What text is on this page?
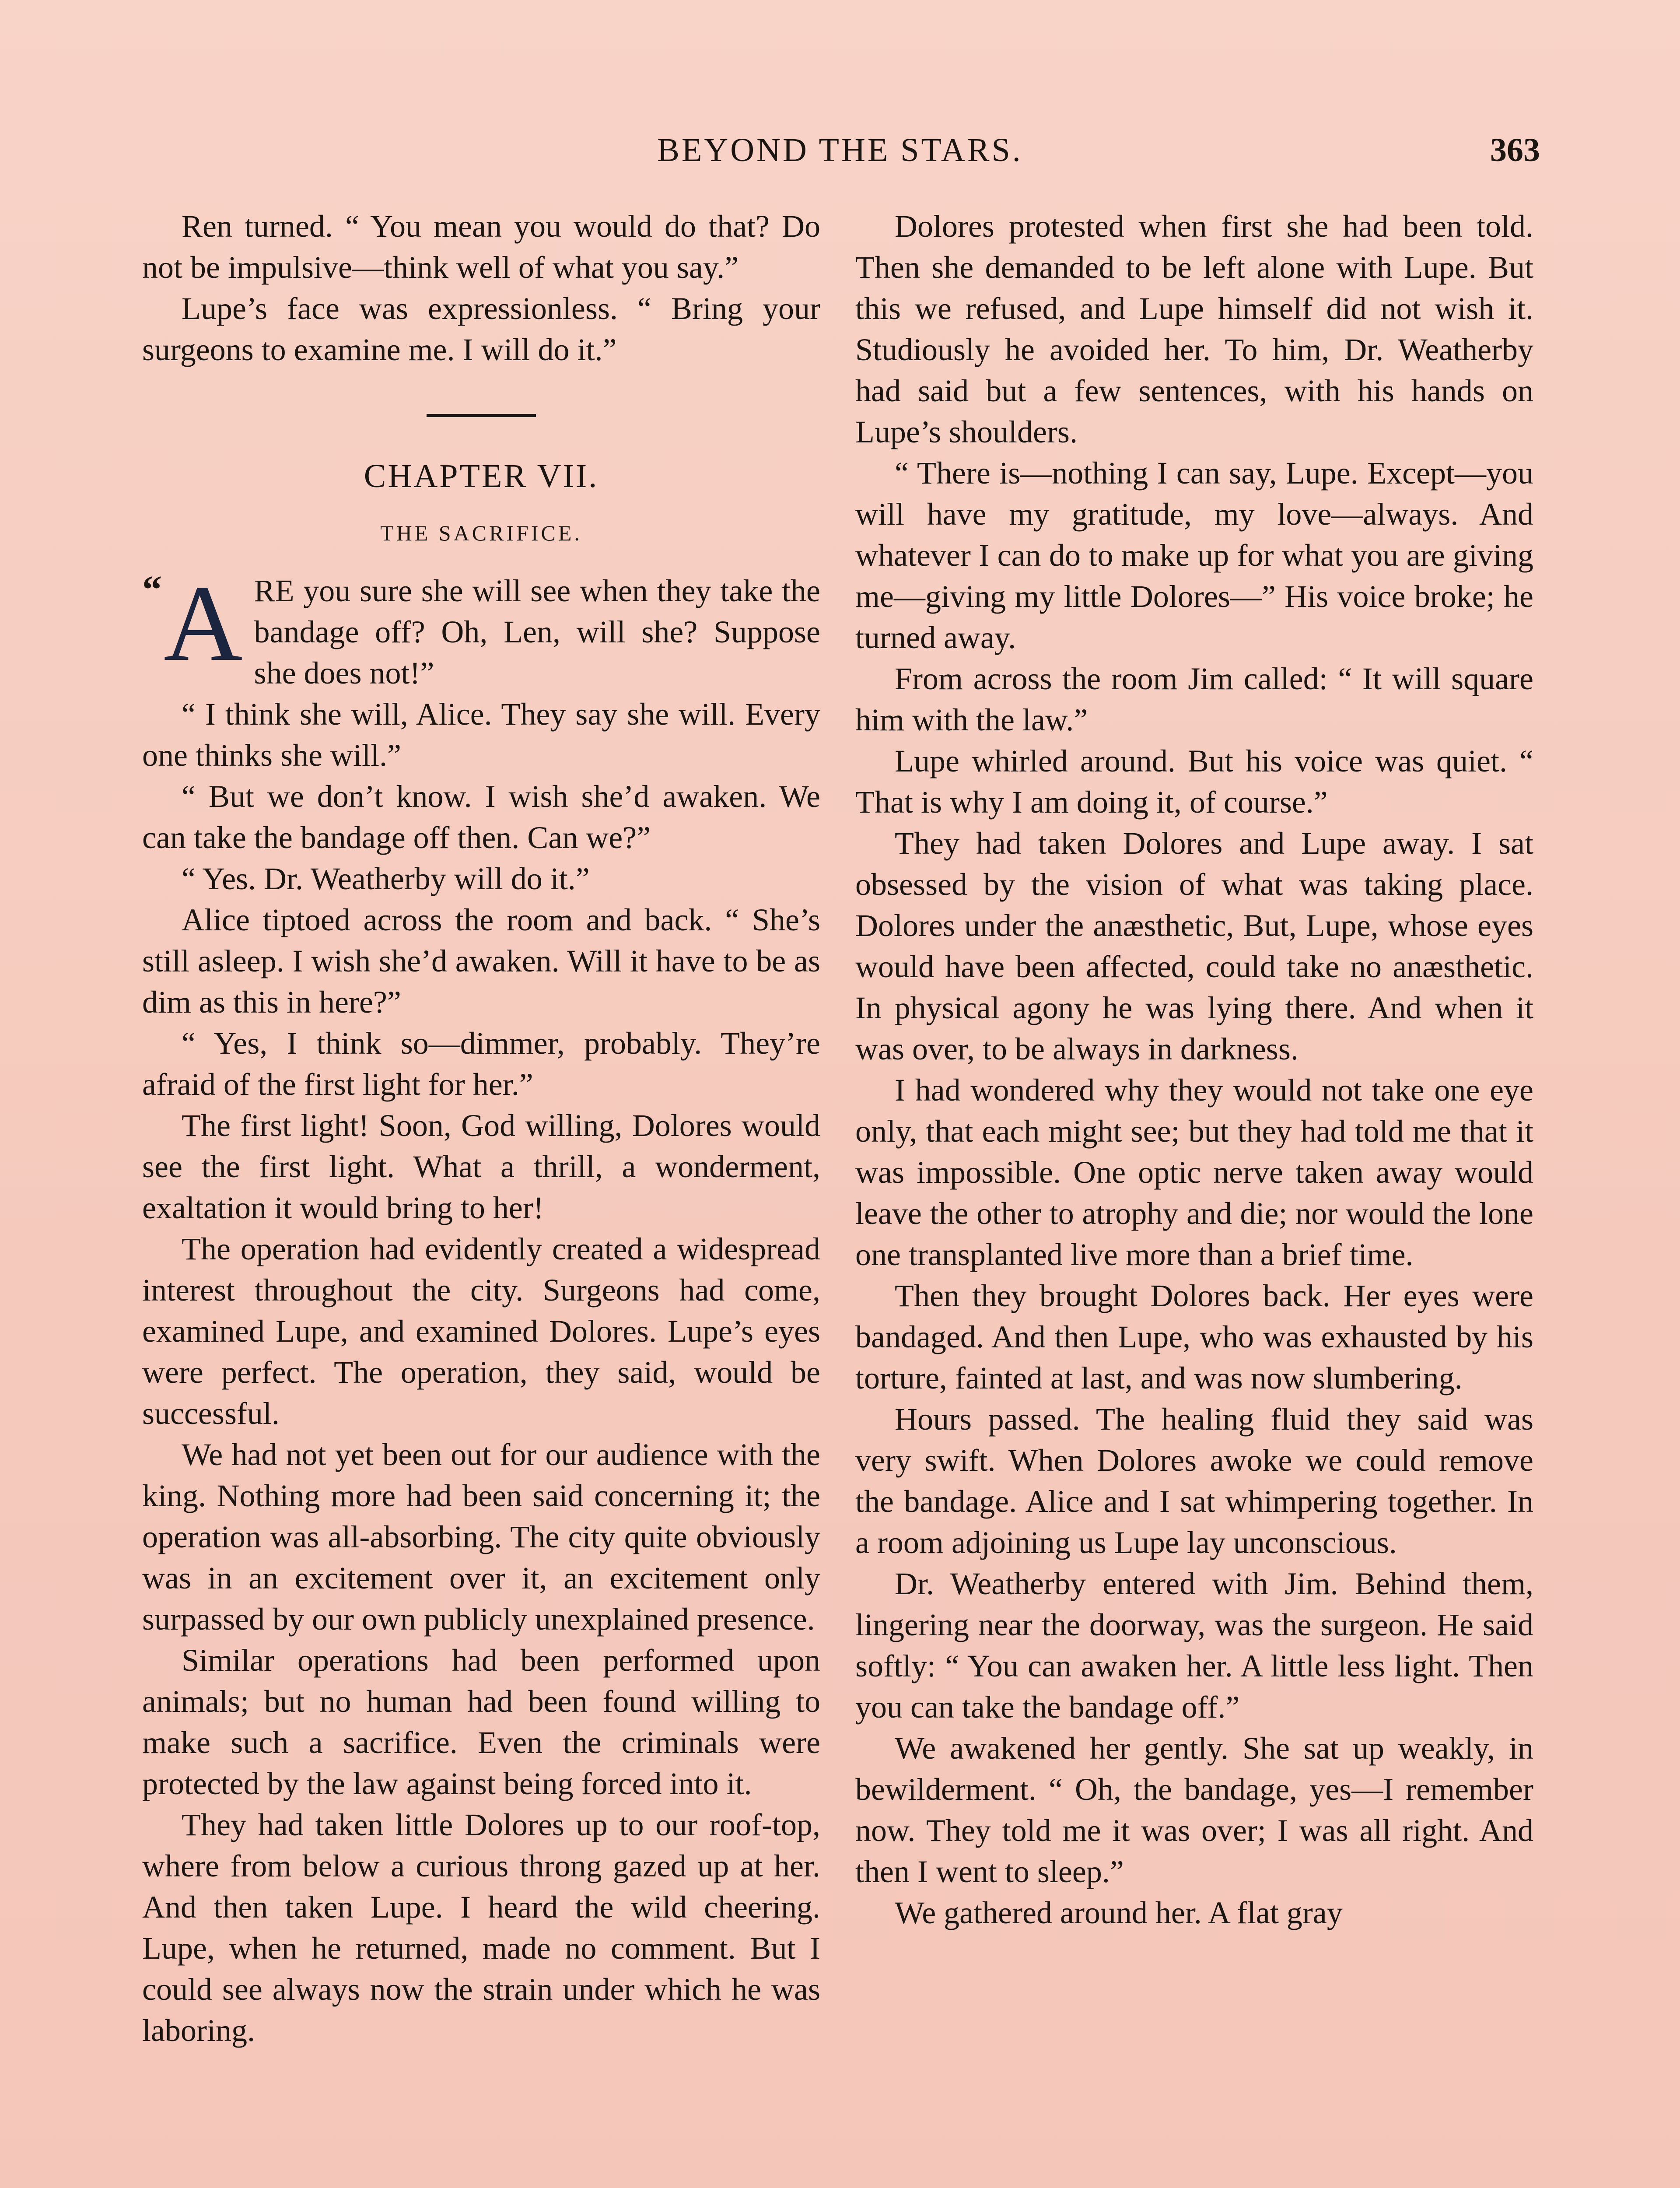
BEYOND THE STARS.	363

Ren turned. “ You mean you would do that? Do not be impulsive—think well of what you say.”

Lupe’s face was expressionless. “ Bring your surgeons to examine me. I will do it.”

CHAPTER VII.
THE SACRIFICE.

“ A RE you sure she will see when they take the bandage off? Oh, Len, will she? Suppose she does not!”

“ I think she will, Alice. They say she will. Every one thinks she will.”

“ But we don’t know. I wish she’d awaken. We can take the bandage off then. Can we?”

“ Yes. Dr. Weatherby will do it.”

Alice tiptoed across the room and back. “ She’s still asleep. I wish she’d awaken. Will it have to be as dim as this in here?”

“ Yes, I think so—dimmer, probably. They’re afraid of the first light for her.”

The first light! Soon, God willing, Dolores would see the first light. What a thrill, a wonderment, exaltation it would bring to her!

The operation had evidently created a widespread interest throughout the city. Surgeons had come, examined Lupe, and examined Dolores. Lupe’s eyes were perfect. The operation, they said, would be successful.

We had not yet been out for our audience with the king. Nothing more had been said concerning it; the operation was all-absorbing. The city quite obviously was in an excitement over it, an excitement only surpassed by our own publicly unexplained presence.

Similar operations had been performed upon animals; but no human had been found willing to make such a sacrifice. Even the criminals were protected by the law against being forced into it.

They had taken little Dolores up to our roof-top, where from below a curious throng gazed up at her. And then taken Lupe. I heard the wild cheering. Lupe, when he returned, made no comment. But I could see always now the strain under which he was laboring.

Dolores protested when first she had been told. Then she demanded to be left alone with Lupe. But this we refused, and Lupe himself did not wish it. Studiously he avoided her. To him, Dr. Weatherby had said but a few sentences, with his hands on Lupe’s shoulders.

“ There is—nothing I can say, Lupe. Except—you will have my gratitude, my love—always. And whatever I can do to make up for what you are giving me—giving my little Dolores—” His voice broke; he turned away.

From across the room Jim called: “ It will square him with the law.”

Lupe whirled around. But his voice was quiet. “ That is why I am doing it, of course.”

They had taken Dolores and Lupe away. I sat obsessed by the vision of what was taking place. Dolores under the anæsthetic, But, Lupe, whose eyes would have been affected, could take no anæsthetic. In physical agony he was lying there. And when it was over, to be always in darkness.

I had wondered why they would not take one eye only, that each might see; but they had told me that it was impossible. One optic nerve taken away would leave the other to atrophy and die; nor would the lone one transplanted live more than a brief time.

Then they brought Dolores back. Her eyes were bandaged. And then Lupe, who was exhausted by his torture, fainted at last, and was now slumbering.

Hours passed. The healing fluid they said was very swift. When Dolores awoke we could remove the bandage. Alice and I sat whimpering together. In a room adjoining us Lupe lay unconscious.

Dr. Weatherby entered with Jim. Behind them, lingering near the doorway, was the surgeon. He said softly: “ You can awaken her. A little less light. Then you can take the bandage off.”

We awakened her gently. She sat up weakly, in bewilderment. “ Oh, the bandage, yes—I remember now. They told me it was over; I was all right. And then I went to sleep.”

We gathered around her. A flat gray
